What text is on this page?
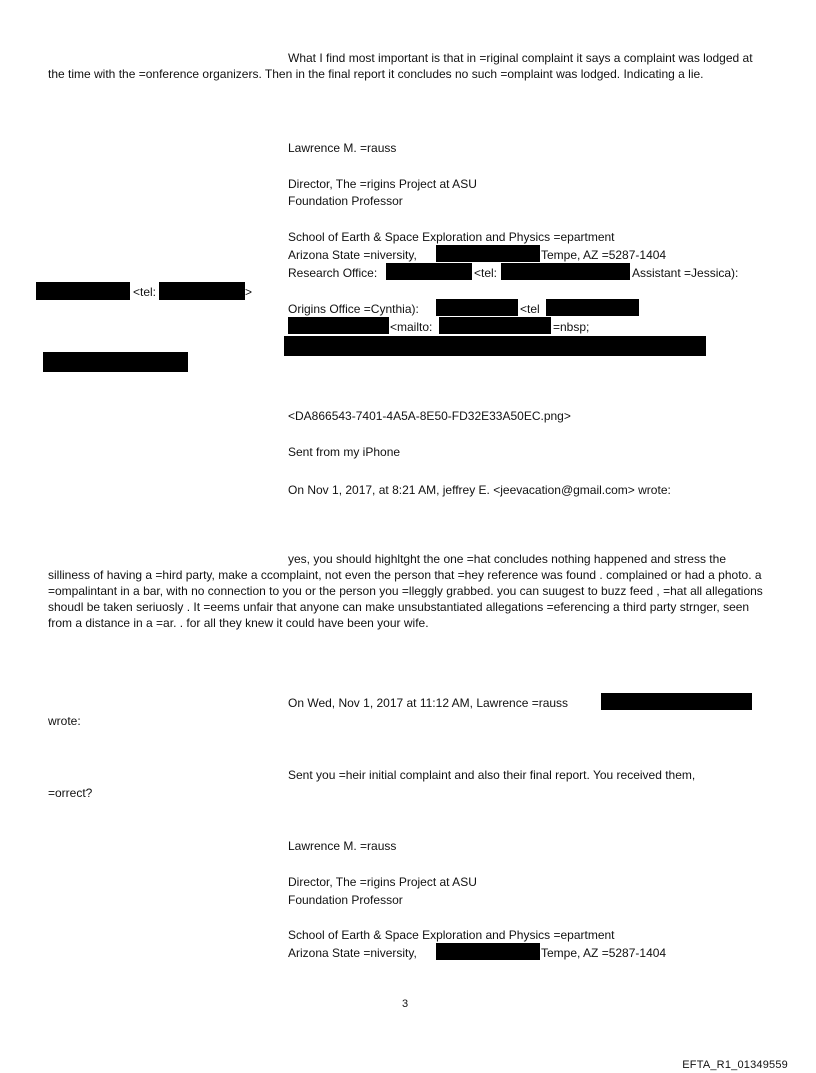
What I find most important is that in =riginal complaint it says a complaint was lodged at the time with the =onference organizers. Then in the final report it concludes no such =omplaint was lodged. Indicating a lie.
Lawrence M. =rauss
Director, The =rigins Project at ASU
Foundation Professor
School of Earth & Space Exploration and Physics =epartment
Arizona State =niversity,	Tempe, AZ =5287-1404
Research Office:	<tel:	Assistant =Jessica):
<tel:	>
Origins Office =Cynthia):	<tel
<mailto:	=nbsp;
<DA866543-7401-4A5A-8E50-FD32E33A50EC.png>
Sent from my iPhone
On Nov 1, 2017, at 8:21 AM, jeffrey E. <jeevacation@gmail.com> wrote:
yes, you should highltght the one =hat concludes nothing happened and stress the silliness of having a =hird party, make a ccomplaint, not even the person that =hey reference was found . complained or had a photo. a =ompalintant in a bar, with no connection to you or the person you =lleggly grabbed. you can suugest to buzz feed , =hat all allegations shoudl be taken seriuosly . It =eems unfair that anyone can make unsubstantiated allegations =eferencing a third party strnger, seen from a distance in a =ar. . for all they knew it could have been your wife.
On Wed, Nov 1, 2017 at 11:12 AM, Lawrence =rauss
wrote:
Sent you =heir initial complaint and also their final report. You received them,
=orrect?
Lawrence M. =rauss
Director, The =rigins Project at ASU
Foundation Professor
School of Earth & Space Exploration and Physics =epartment
Arizona State =niversity,	Tempe, AZ =5287-1404
3
EFTA_R1_01349559
